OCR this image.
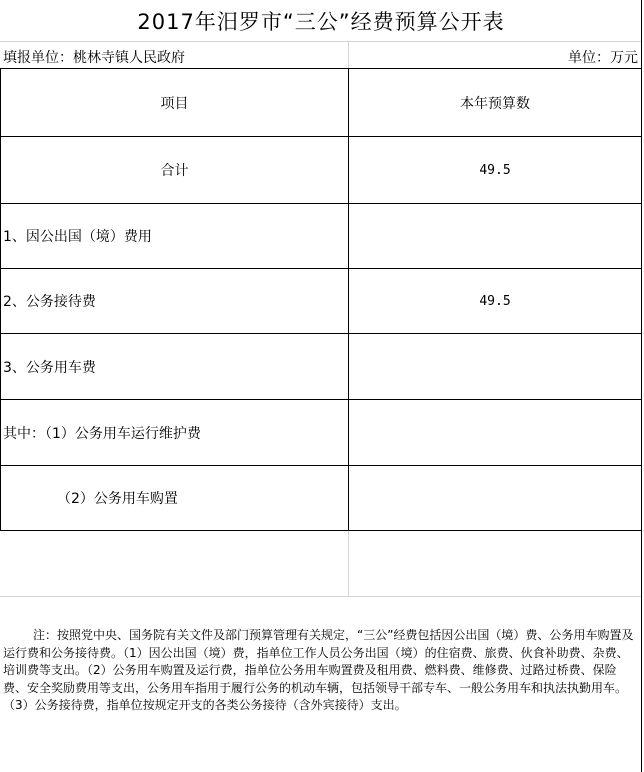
2017年汨罗市“三公”经费预算公开表
填报单位：桃林寺镇人民政府	单位：万元
项目	本年预算数
合计	49.5
1、因公出国（境）费用
2、公务接待费	49.5
3、公务用车费
其中：（1）公务用车运行维护费
（2）公务用车购置
注：按照党中央、国务院有关文件及部门预算管理有关规定，“三公”经费包括因公出国（境）费、公务用车购置及运行费和公务接待费。（1）因公出国（境）费，指单位工作人员公务出国（境）的住宿费、旅费、伙食补助费、杂费、培训费等支出。（2）公务用车购置及运行费，指单位公务用车购置费及租用费、燃料费、维修费、过路过桥费、保险费、安全奖励费用等支出，公务用车指用于履行公务的机动车辆，包括领导干部专车、一般公务用车和执法执勤用车。（3）公务接待费，指单位按规定开支的各类公务接待（含外宾接待）支出。
